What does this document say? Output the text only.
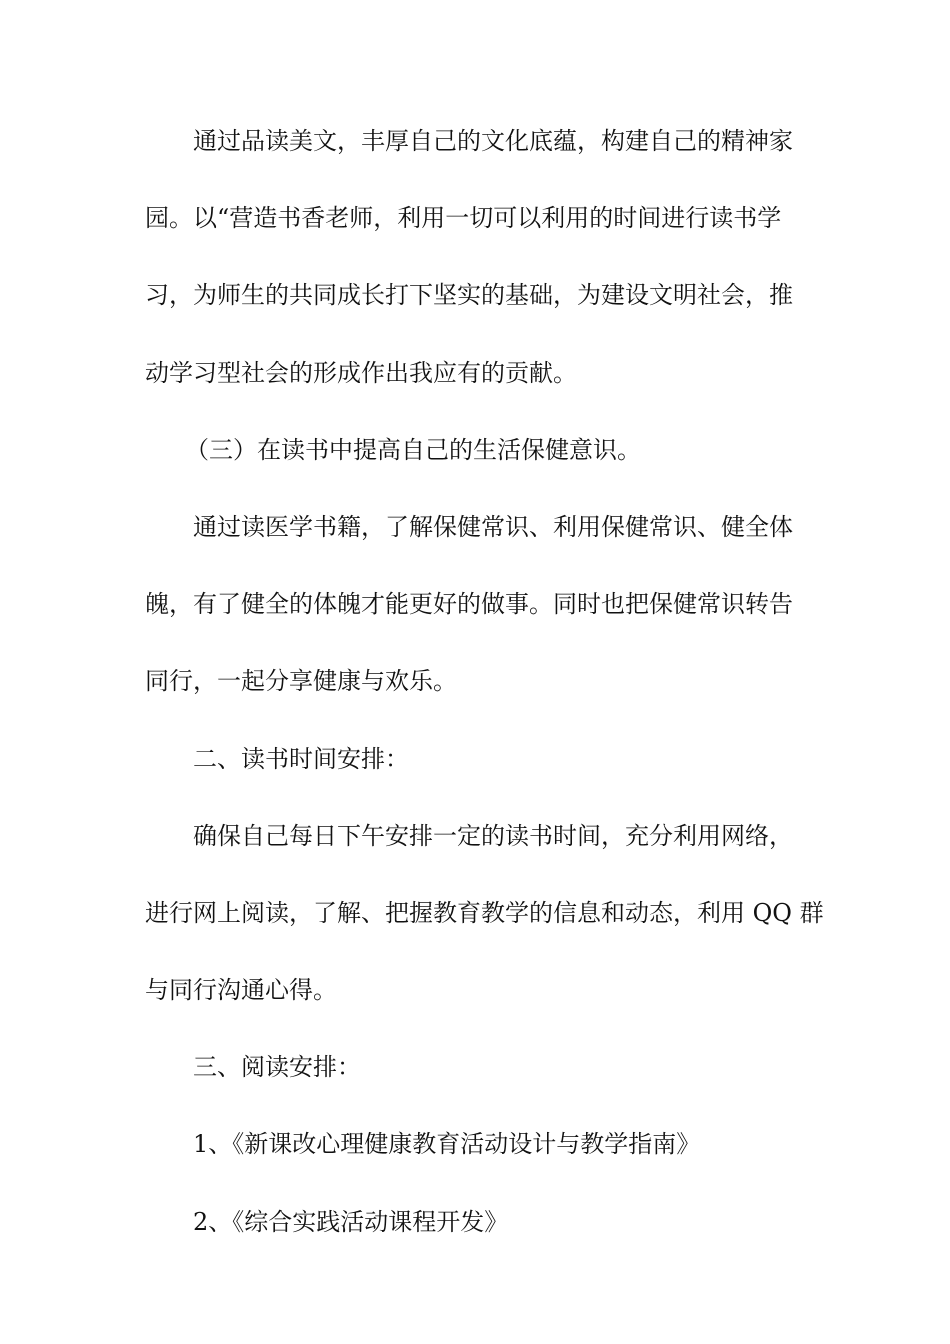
通过品读美文，丰厚自己的文化底蕴，构建自己的精神家
园。以“营造书香老师，利用一切可以利用的时间进行读书学
习，为师生的共同成长打下坚实的基础，为建设文明社会，推
动学习型社会的形成作出我应有的贡献。
（三）在读书中提高自己的生活保健意识。
通过读医学书籍，了解保健常识、利用保健常识、健全体
魄，有了健全的体魄才能更好的做事。同时也把保健常识转告
同行，一起分享健康与欢乐。
二、读书时间安排：
确保自己每日下午安排一定的读书时间，充分利用网络，
进行网上阅读，了解、把握教育教学的信息和动态，利用 QQ 群
与同行沟通心得。
三、阅读安排：
1、《新课改心理健康教育活动设计与教学指南》
2、《综合实践活动课程开发》
